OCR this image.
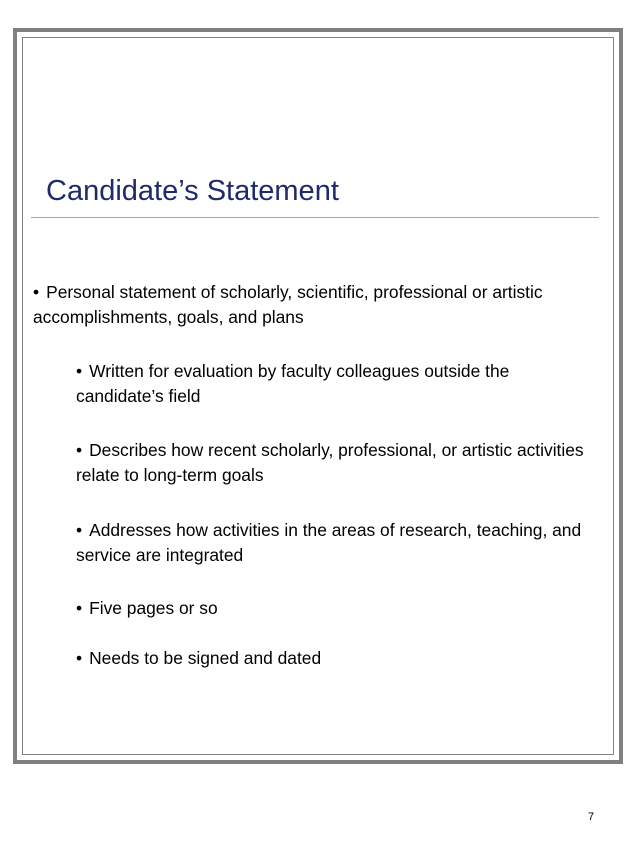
Candidate’s Statement
• Personal statement of scholarly, scientific, professional or artistic accomplishments, goals, and plans
• Written for evaluation by faculty colleagues outside the candidate’s field
• Describes how recent scholarly, professional, or artistic activities relate to long-term goals
• Addresses how activities in the areas of research, teaching, and service are integrated
• Five pages or so
• Needs to be signed and dated
7
